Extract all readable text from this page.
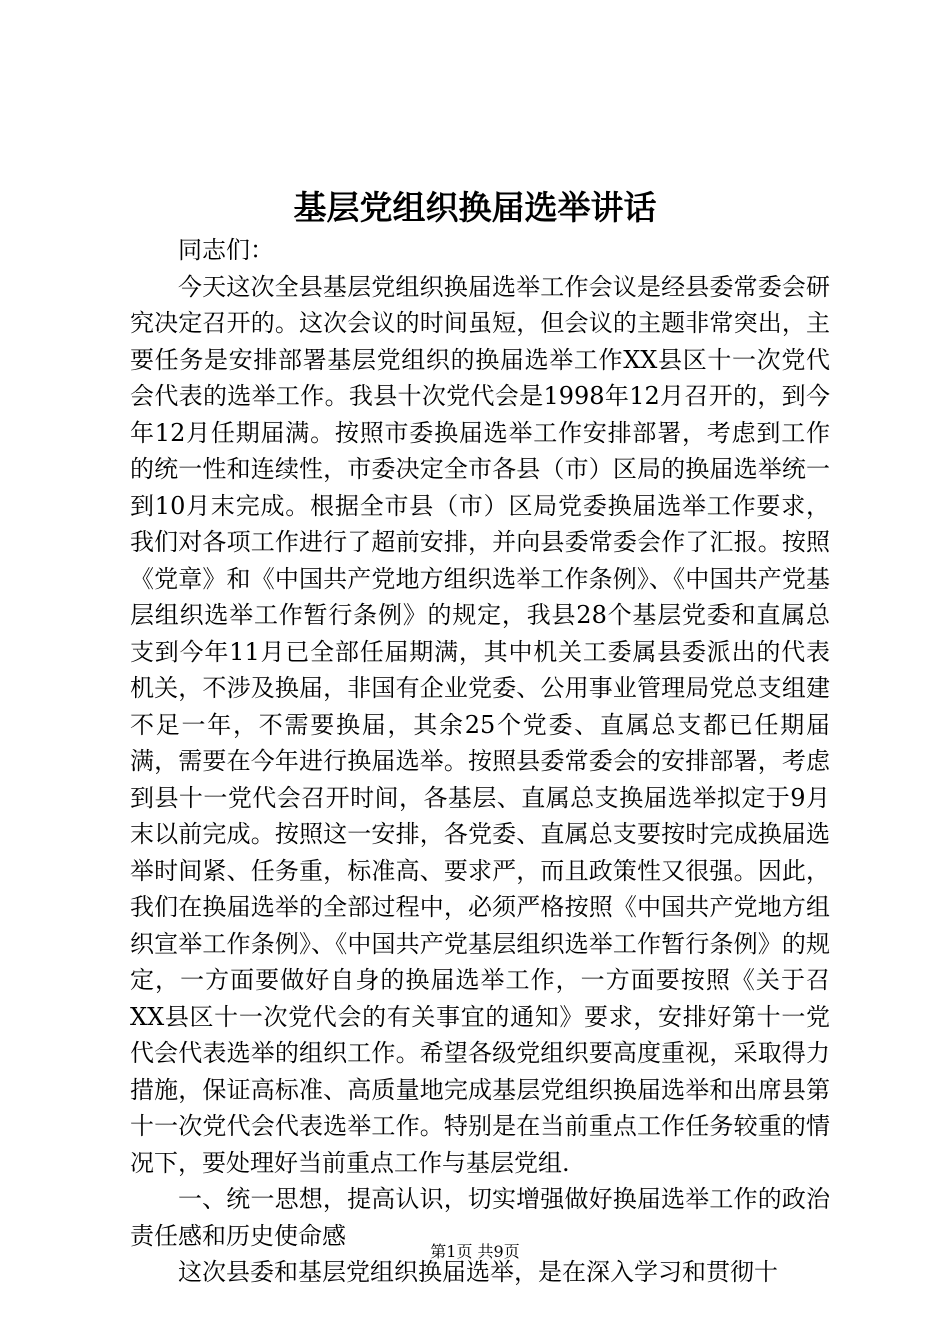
基层党组织换届选举讲话

同志们：

今天这次全县基层党组织换届选举工作会议是经县委常委会研究决定召开的。这次会议的时间虽短，但会议的主题非常突出，主要任务是安排部署基层党组织的换届选举工作XX县区十一次党代会代表的选举工作。我县十次党代会是1998年12月召开的，到今年12月任期届满。按照市委换届选举工作安排部署，考虑到工作的统一性和连续性，市委决定全市各县（市）区局的换届选举统一到10月末完成。根据全市县（市）区局党委换届选举工作要求，我们对各项工作进行了超前安排，并向县委常委会作了汇报。按照《党章》和《中国共产党地方组织选举工作条例》、《中国共产党基层组织选举工作暂行条例》的规定，我县28个基层党委和直属总支到今年11月已全部任届期满，其中机关工委属县委派出的代表机关，不涉及换届，非国有企业党委、公用事业管理局党总支组建不足一年，不需要换届，其余25个党委、直属总支都已任期届满，需要在今年进行换届选举。按照县委常委会的安排部署，考虑到县十一党代会召开时间，各基层、直属总支换届选举拟定于9月末以前完成。按照这一安排，各党委、直属总支要按时完成换届选举时间紧、任务重，标准高、要求严，而且政策性又很强。因此，我们在换届选举的全部过程中，必须严格按照《中国共产党地方组织宣举工作条例》、《中国共产党基层组织选举工作暂行条例》的规定，一方面要做好自身的换届选举工作，一方面要按照《关于召XX县区十一次党代会的有关事宜的通知》要求，安排好第十一党代会代表选举的组织工作。希望各级党组织要高度重视，采取得力措施，保证高标准、高质量地完成基层党组织换届选举和出席县第十一次党代会代表选举工作。特别是在当前重点工作任务较重的情况下，要处理好当前重点工作与基层党组.

一、统一思想，提高认识，切实增强做好换届选举工作的政治责任感和历史使命感

这次县委和基层党组织换届选举，是在深入学习和贯彻十

第1页 共9页
